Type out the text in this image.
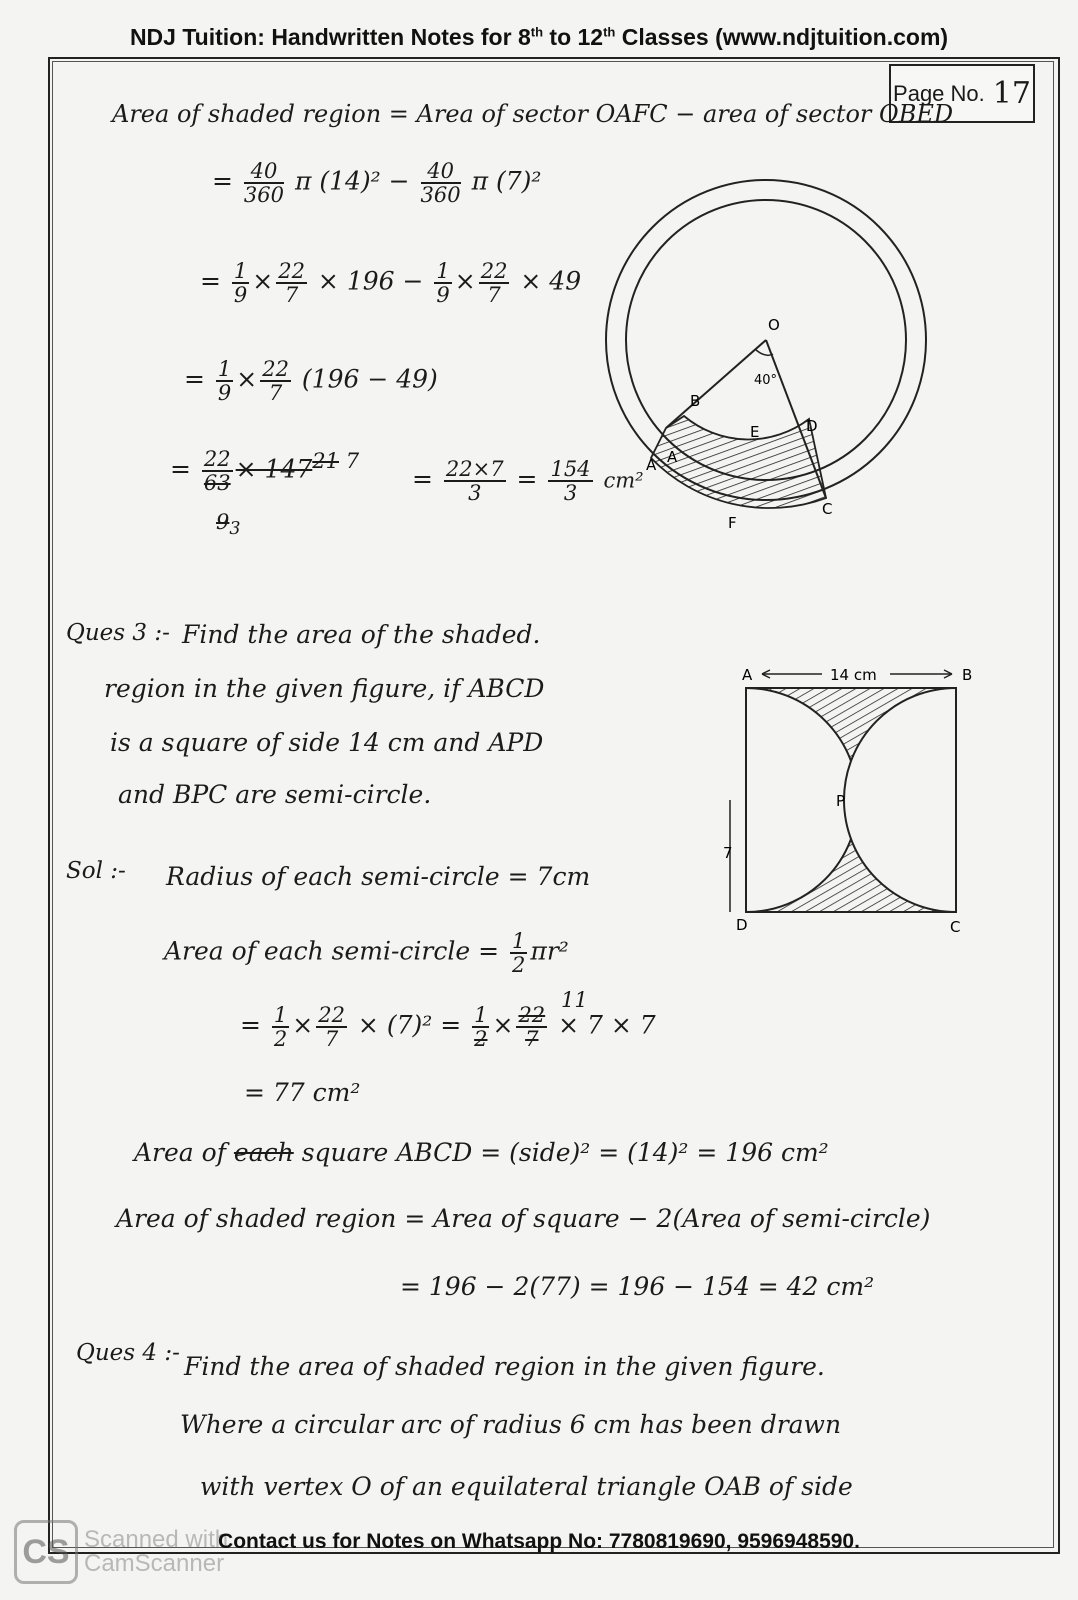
NDJ Tuition: Handwritten Notes for 8th to 12th Classes (www.ndjtuition.com)
Page No. 17
Area of shaded region = Area of sector OAFC − area of sector OBED
= $\frac{40}{360}$ π $(14)^2 - \frac{40}{360}$ π (7)²
= $\frac{1}{9} \times \frac{22}{7} \times 196 - \frac{1}{9} \times \frac{22}{7} \times 49$
= $\frac{1}{9} \times \frac{22}{7} (196 - 49)$
= $\frac{22}{63} \times 147^{21 7}$
$9_3$
= $\frac{22\times 7}{3} = \frac{154}{3} cm^2$
O
40°
B
E	D
A A
F
C
Ques 3 :- Find the area of the shaded.
region in the given figure, if ABCD
is a square of side 14 cm and APD
and BPC are semi-circle.
14 cm
7
A	B
P
D	C
Sol :- Radius of each semi-circle = 7cm
Area of each semi-circle = $\frac{1}{2} \pi r^2$
11
= $\frac{1}{2} \times \frac{22}{7} \times (7)^2 = \frac{1}{2} \times \frac{22}{7} \times 7 \times 7$
= 77 cm²
Area of each square ABCD = (side)² = (14)² = 196 cm²
Area of shaded region = Area of square − 2(Area of semi-circle)
= 196 − 2(77) = 196 − 154 = 42 cm²
Ques 4 :- Find the area of shaded region in the given figure.
Where a circular arc of radius 6 cm has been drawn
with vertex O of an equilateral triangle OAB of side
CS Scanned with
CamScanner
Contact us for Notes on Whatsapp No: 7780819690, 9596948590.
